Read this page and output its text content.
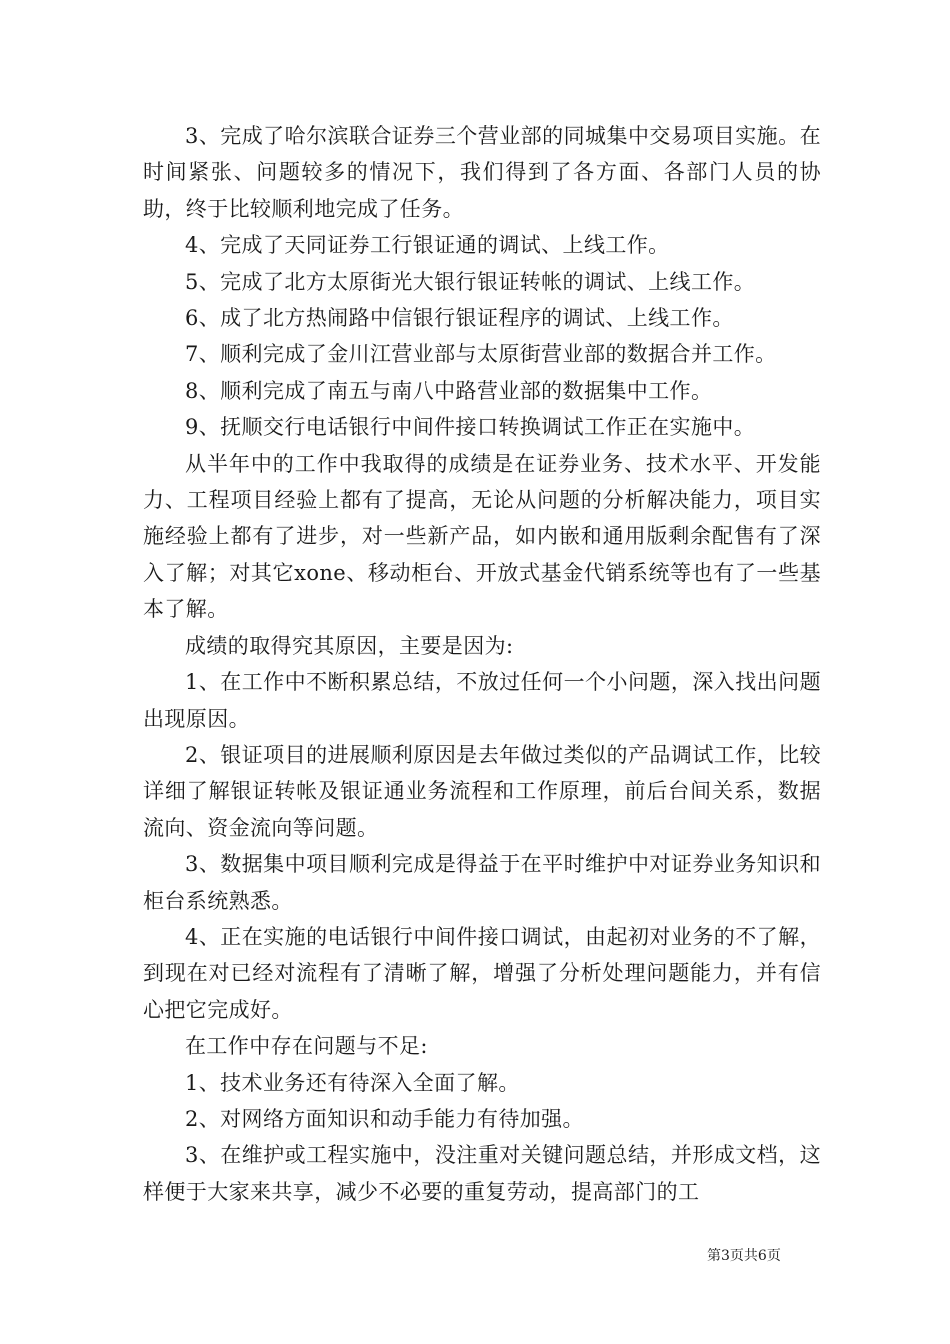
3、完成了哈尔滨联合证券三个营业部的同城集中交易项目实施。在时间紧张、问题较多的情况下，我们得到了各方面、各部门人员的协助，终于比较顺利地完成了任务。

4、完成了天同证券工行银证通的调试、上线工作。

5、完成了北方太原街光大银行银证转帐的调试、上线工作。

6、成了北方热闹路中信银行银证程序的调试、上线工作。

7、顺利完成了金川江营业部与太原街营业部的数据合并工作。

8、顺利完成了南五与南八中路营业部的数据集中工作。

9、抚顺交行电话银行中间件接口转换调试工作正在实施中。

从半年中的工作中我取得的成绩是在证券业务、技术水平、开发能力、工程项目经验上都有了提高，无论从问题的分析解决能力，项目实施经验上都有了进步，对一些新产品，如内嵌和通用版剩余配售有了深入了解；对其它xone、移动柜台、开放式基金代销系统等也有了一些基本了解。

成绩的取得究其原因，主要是因为:

1、在工作中不断积累总结，不放过任何一个小问题，深入找出问题出现原因。

2、银证项目的进展顺利原因是去年做过类似的产品调试工作，比较详细了解银证转帐及银证通业务流程和工作原理，前后台间关系，数据流向、资金流向等问题。

3、数据集中项目顺利完成是得益于在平时维护中对证券业务知识和柜台系统熟悉。

4、正在实施的电话银行中间件接口调试，由起初对业务的不了解，到现在对已经对流程有了清晰了解，增强了分析处理问题能力，并有信心把它完成好。

在工作中存在问题与不足:

1、技术业务还有待深入全面了解。

2、对网络方面知识和动手能力有待加强。

3、在维护或工程实施中，没注重对关键问题总结，并形成文档，这样便于大家来共享，减少不必要的重复劳动，提高部门的工

第3页共6页
